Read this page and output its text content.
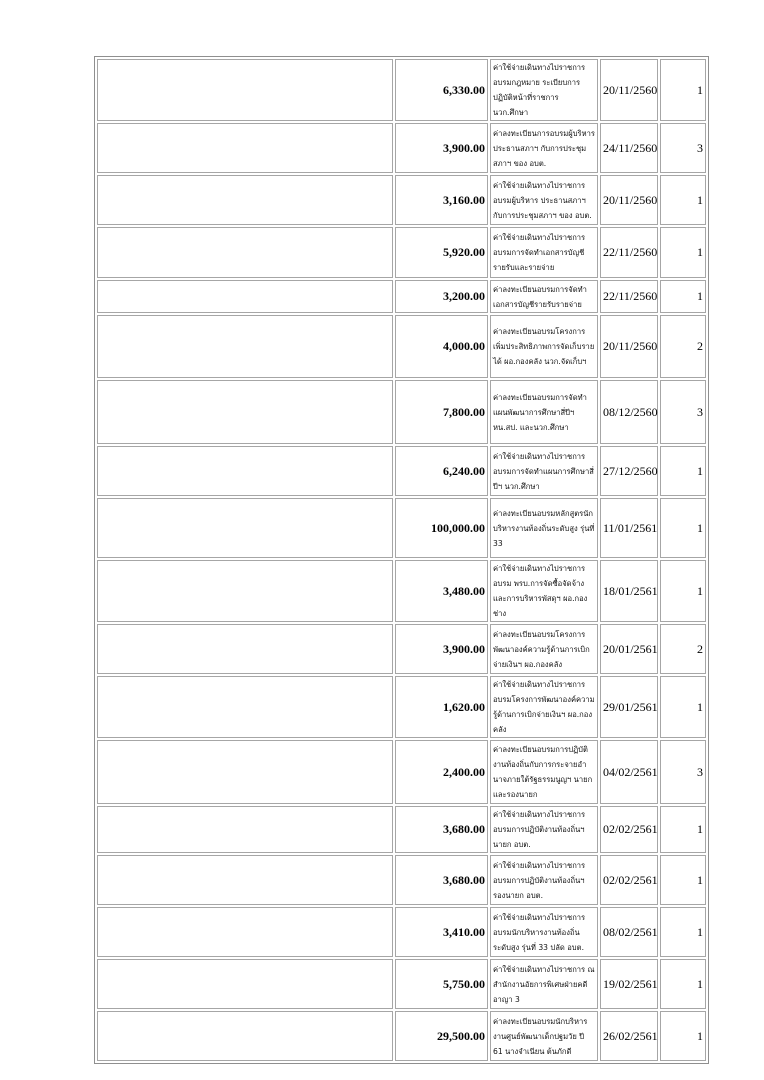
	6,330.00	ค่าใช้จ่ายเดินทางไปราชการอบรมกฎหมาย ระเบียบการปฏิบัติหน้าที่ราชการ นวก.ศึกษา	20/11/2560	1
	3,900.00	ค่าลงทะเบียนการอบรมผู้บริหาร ประธานสภาฯ กับการประชุมสภาฯ ของ อบต.	24/11/2560	3
	3,160.00	ค่าใช้จ่ายเดินทางไปราชการอบรมผู้บริหาร ประธานสภาฯ กับการประชุมสภาฯ ของ อบต.	20/11/2560	1
	5,920.00	ค่าใช้จ่ายเดินทางไปราชการอบรมการจัดทำเอกสารบัญชีรายรับและรายจ่าย	22/11/2560	1
	3,200.00	ค่าลงทะเบียนอบรมการจัดทำเอกสารบัญชีรายรับรายจ่าย	22/11/2560	1
	4,000.00	ค่าลงทะเบียนอบรมโครงการเพิ่มประสิทธิภาพการจัดเก็บรายได้ ผอ.กองคลัง นวก.จัดเก็บฯ	20/11/2560	2
	7,800.00	ค่าลงทะเบียนอบรมการจัดทำแผนพัฒนาการศึกษาสี่ปีฯ หน.สป. และนวก.ศึกษา	08/12/2560	3
	6,240.00	ค่าใช้จ่ายเดินทางไปราชการอบรมการจัดทำแผนการศึกษาสี่ปีฯ นวก.ศึกษา	27/12/2560	1
	100,000.00	ค่าลงทะเบียนอบรมหลักสูตรนักบริหารงานท้องถิ่นระดับสูง รุ่นที่ 33	11/01/2561	1
	3,480.00	ค่าใช้จ่ายเดินทางไปราชการอบรม พรบ.การจัดซื้อจัดจ้างและการบริหารพัสดุฯ ผอ.กองช่าง	18/01/2561	1
	3,900.00	ค่าลงทะเบียนอบรมโครงการพัฒนาองค์ความรู้ด้านการเบิกจ่ายเงินฯ ผอ.กองคลัง	20/01/2561	2
	1,620.00	ค่าใช้จ่ายเดินทางไปราชการอบรมโครงการพัฒนาองค์ความรู้ด้านการเบิกจ่ายเงินฯ ผอ.กองคลัง	29/01/2561	1
	2,400.00	ค่าลงทะเบียนอบรมการปฏิบัติงานท้องถิ่นกับการกระจายอำนาจภายใต้รัฐธรรมนูญฯ นายก และรองนายก	04/02/2561	3
	3,680.00	ค่าใช้จ่ายเดินทางไปราชการอบรมการปฏิบัติงานท้องถิ่นฯ นายก อบต.	02/02/2561	1
	3,680.00	ค่าใช้จ่ายเดินทางไปราชการอบรมการปฏิบัติงานท้องถิ่นฯ รองนายก อบต.	02/02/2561	1
	3,410.00	ค่าใช้จ่ายเดินทางไปราชการอบรมนักบริหารงานท้องถิ่นระดับสูง รุ่นที่ 33 ปลัด อบต.	08/02/2561	1
	5,750.00	ค่าใช้จ่ายเดินทางไปราชการ ณ สำนักงานอัยการพิเศษฝ่ายคดีอาญา 3	19/02/2561	1
	29,500.00	ค่าลงทะเบียนอบรมนักบริหารงานศูนย์พัฒนาเด็กปฐมวัย ปี 61 นางจำเนียน ต้นภักดี	26/02/2561	1
